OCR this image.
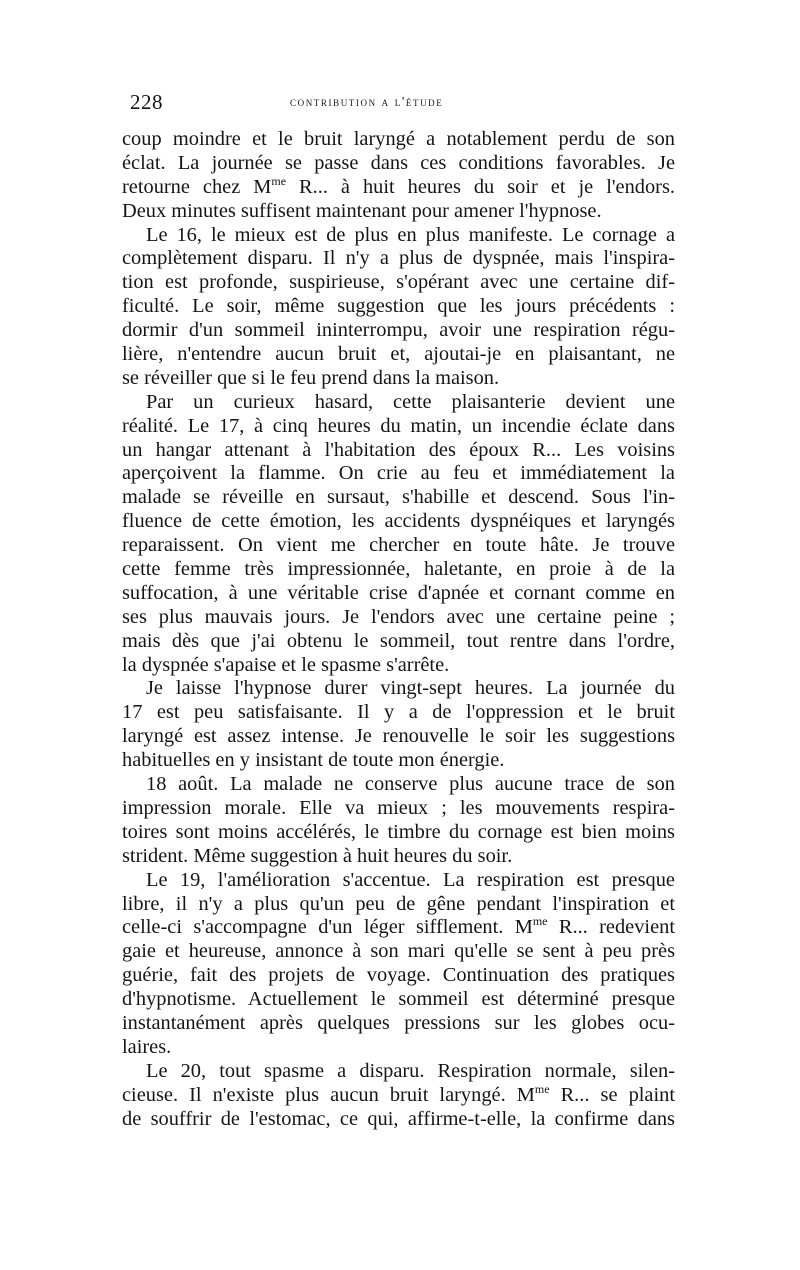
228	contribution a l'étude
coup moindre et le bruit laryngé a notablement perdu de son
éclat. La journée se passe dans ces conditions favorables. Je
retourne chez $M^{me}$ R... à huit heures du soir et je l'endors.
Deux minutes suffisent maintenant pour amener l'hypnose.
Le 16, le mieux est de plus en plus manifeste. Le cornage a
complètement disparu. Il n'y a plus de dyspnée, mais l'inspira-
tion est profonde, suspirieuse, s'opérant avec une certaine dif-
ficulté. Le soir, même suggestion que les jours précédents :
dormir d'un sommeil ininterrompu, avoir une respiration régu-
lière, n'entendre aucun bruit et, ajoutai-je en plaisantant, ne
se réveiller que si le feu prend dans la maison.
Par un curieux hasard, cette plaisanterie devient une
réalité. Le 17, à cinq heures du matin, un incendie éclate dans
un hangar attenant à l'habitation des époux R... Les voisins
aperçoivent la flamme. On crie au feu et immédiatement la
malade se réveille en sursaut, s'habille et descend. Sous l'in-
fluence de cette émotion, les accidents dyspnéiques et laryngés
reparaissent. On vient me chercher en toute hâte. Je trouve
cette femme très impressionnée, haletante, en proie à de la
suffocation, à une véritable crise d'apnée et cornant comme en
ses plus mauvais jours. Je l'endors avec une certaine peine ;
mais dès que j'ai obtenu le sommeil, tout rentre dans l'ordre,
la dyspnée s'apaise et le spasme s'arrête.
Je laisse l'hypnose durer vingt-sept heures. La journée du
17 est peu satisfaisante. Il y a de l'oppression et le bruit
laryngé est assez intense. Je renouvelle le soir les suggestions
habituelles en y insistant de toute mon énergie.
18 août. La malade ne conserve plus aucune trace de son
impression morale. Elle va mieux ; les mouvements respira-
toires sont moins accélérés, le timbre du cornage est bien moins
strident. Même suggestion à huit heures du soir.
Le 19, l'amélioration s'accentue. La respiration est presque
libre, il n'y a plus qu'un peu de gêne pendant l'inspiration et
celle-ci s'accompagne d'un léger sifflement. $M^{me}$ R... redevient
gaie et heureuse, annonce à son mari qu'elle se sent à peu près
guérie, fait des projets de voyage. Continuation des pratiques
d'hypnotisme. Actuellement le sommeil est déterminé presque
instantanément après quelques pressions sur les globes ocu-
laires.
Le 20, tout spasme a disparu. Respiration normale, silen-
cieuse. Il n'existe plus aucun bruit laryngé. $M^{me}$ R... se plaint
de souffrir de l'estomac, ce qui, affirme-t-elle, la confirme dans
